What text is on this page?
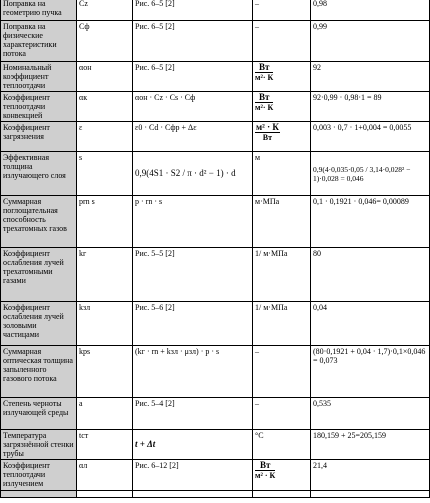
Поправка на геометрию пучка	Cz	Рис. 6–5 [2]	–	0,98
Поправка на физические характеристики потока	Cф	Рис. 6–5 [2]	–	0,99
Номинальный коэффициент теплоотдачи	αон	Рис. 6–5 [2]	$\frac{Вт}{\text{м²· К}}$	92
Коэффициент теплоотдачи конвекцией	αк	αон · Cz · Cs · Cф	$\frac{Вт}{\text{м²· К}}$	92·0,99 · 0,98·1 = 89
Коэффициент загрязнения	ε	ε0 · Cd · Cфр + Δε	$\frac{\text{м² · К}}{Вт}$	0,003 · 0,7 · 1+0,004 = 0,0055
Эффективная толщина излучающего слоя	s	0,9(4S1 · S2 / π · d² − 1) · d	м	0,9(4·0,035·0,05 / 3,14·0,028² − 1)·0,028 = 0,046
Суммарная поглощательная способность трехатомных газов	prn s	p · rn · s	м·МПа	0,1 · 0,1921 · 0,046= 0,00089
Коэффициент ослабления лучей трехатомными газами	kг	Рис. 5–5 [2]	1/ м·МПа	80
Коэффициент ослабления лучей золовыми частицами	kзл	Рис. 5–6 [2]	1/ м·МПа	0,04
Суммарная оптическая толщина запыленного газового потока	kps	(kг · rn + kзл · μзл) · p · s	–	(80·0,1921 + 0,04 · 1,7)·0,1×0,046 = 0,073
Степень черноты излучающей среды	a	Рис. 5–4 [2]	–	0,535
Температура загрязнённой стенки трубы	tст	t + Δt	°С	180,159 + 25=205,159
Коэффициент теплоотдачи излучением	αл	Рис. 6–12 [2]	$\frac{Вт}{\text{м² · К}}$	21,4
